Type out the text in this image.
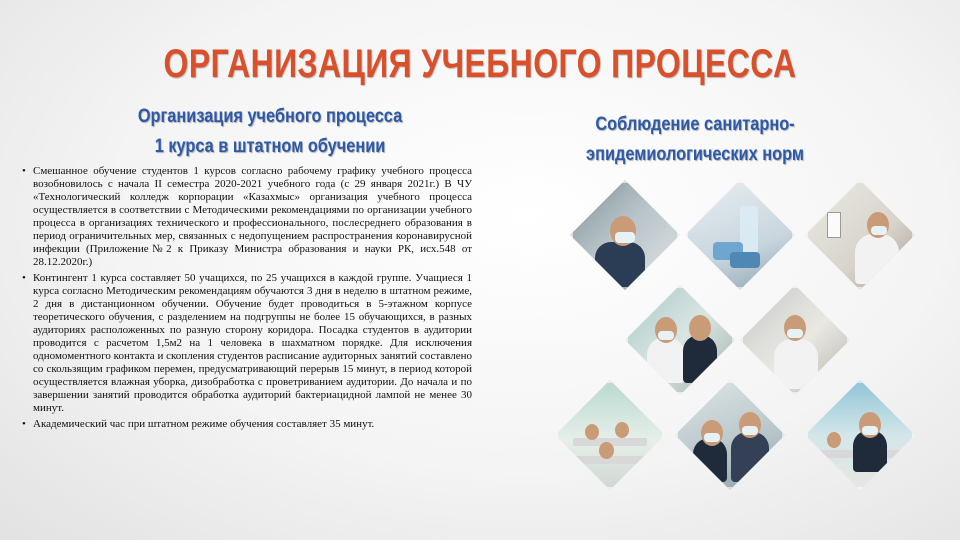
ОРГАНИЗАЦИЯ УЧЕБНОГО ПРОЦЕССА
Организация учебного процесса
1 курса в штатном обучении
Соблюдение санитарно-
эпидемиологических норм
• Смешанное обучение студентов 1 курсов согласно рабочему графику учебного процесса возобновилось с начала II семестра 2020-2021 учебного года (с 29 января 2021г.) В ЧУ «Технологический колледж корпорации «Казахмыс» организация учебного процесса осуществляется в соответствии с Методическими рекомендациями по организации учебного процесса в организациях технического и профессионального, послесреднего образования в период ограничительных мер, связанных с недопущением распространения коронавирусной инфекции (Приложение№2 к Приказу Министра образования и науки РК, исх.548 от 28.12.2020г.)
• Контингент 1 курса составляет 50 учащихся, по 25 учащихся в каждой группе. Учащиеся 1 курса согласно Методическим рекомендациям обучаются 3 дня в неделю в штатном режиме, 2 дня в дистанционном обучении. Обучение будет проводиться в 5-этажном корпусе теоретического обучения, с разделением на подгруппы не более 15 обучающихся, в разных аудиториях расположенных по разную сторону коридора. Посадка студентов в аудитории проводится с расчетом 1,5м2 на 1 человека в шахматном порядке. Для исключения одномоментного контакта и скопления студентов расписание аудиторных занятий составлено со скользящим графиком перемен, предусматривающий перерыв 15 минут, в период которой осуществляется влажная уборка, дизобработка с проветриванием аудитории. До начала и по завершении занятий проводится обработка аудиторий бактериацидной лампой не менее 30 минут.
• Академический час при штатном режиме обучения составляет 35 минут.
